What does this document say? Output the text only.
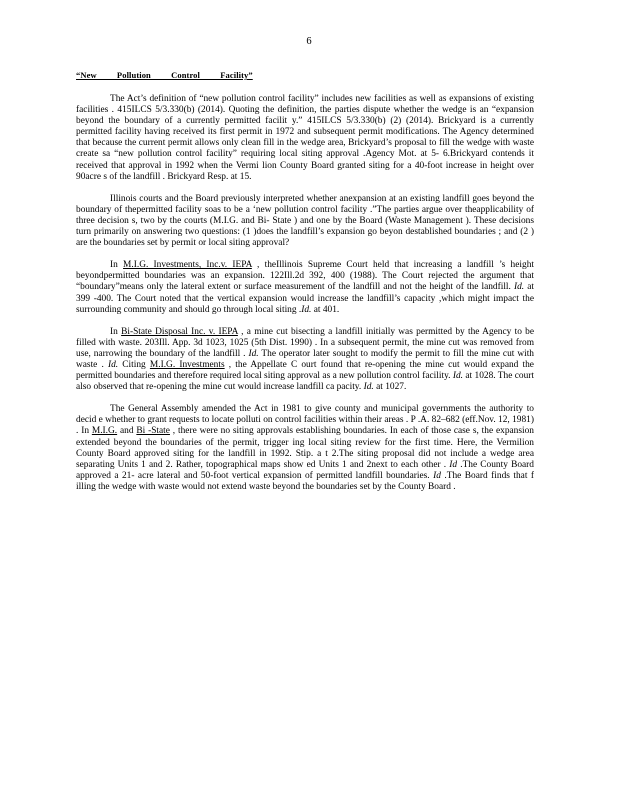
6
“New Pollution Control Facility”

The Act’s definition of “new pollution control facility” includes new facilities as well as expansions of existing facilities . 415ILCS 5/3.330(b) (2014). Quoting the definition, the parties dispute whether the wedge is an “expansion beyond the boundary of a currently permitted facilit y.” 415ILCS 5/3.330(b) (2) (2014). Brickyard is a currently permitted facility having received its first permit in 1972 and subsequent permit modifications. The Agency determined that because the current permit allows only clean fill in the wedge area, Brickyard’s proposal to fill the wedge with waste create sa “new pollution control facility” requiring local siting approval .Agency Mot. at 5- 6.Brickyard contends it received that approval in 1992 when the Vermi lion County Board granted siting for a 40-foot increase in height over 90acre s of the landfill . Brickyard Resp. at 15.

Illinois courts and the Board previously interpreted whether anexpansion at an existing landfill goes beyond the boundary of thepermitted facility soas to be a ‘new pollution control facility .”The parties argue over theapplicability of three decision s, two by the courts (M.I.G. and Bi- State ) and one by the Board (Waste Management ). These decisions turn primarily on answering two questions: (1 )does the landfill’s expansion go beyon destablished boundaries ; and (2 ) are the boundaries set by permit or local siting approval?

In M.I.G. Investments, Inc.v. IEPA , theIllinois Supreme Court held that increasing a landfill ’s height beyondpermitted boundaries was an expansion. 122Ill.2d 392, 400 (1988). The Court rejected the argument that “boundary”means only the lateral extent or surface measurement of the landfill and not the height of the landfill. Id. at 399 -400. The Court noted that the vertical expansion would increase the landfill’s capacity ,which might impact the surrounding community and should go through local siting .Id. at 401.

In Bi-State Disposal Inc. v. IEPA , a mine cut bisecting a landfill initially was permitted by the Agency to be filled with waste. 203Ill. App. 3d 1023, 1025 (5th Dist. 1990) . In a subsequent permit, the mine cut was removed from use, narrowing the boundary of the landfill . Id. The operator later sought to modify the permit to fill the mine cut with waste . Id. Citing M.I.G. Investments , the Appellate C ourt found that re-opening the mine cut would expand the permitted boundaries and therefore required local siting approval as a new pollution control facility. Id. at 1028. The court also observed that re-opening the mine cut would increase landfill ca pacity. Id. at 1027.

The General Assembly amended the Act in 1981 to give county and municipal governments the authority to decid e whether to grant requests to locate polluti on control facilities within their areas . P .A. 82–682 (eff.Nov. 12, 1981) . In M.I.G. and Bi -State , there were no siting approvals establishing boundaries. In each of those case s, the expansion extended beyond the boundaries of the permit, trigger ing local siting review for the first time. Here, the Vermilion County Board approved siting for the landfill in 1992. Stip. a t 2.The siting proposal did not include a wedge area separating Units 1 and 2. Rather, topographical maps show ed Units 1 and 2next to each other . Id .The County Board approved a 21- acre lateral and 50-foot vertical expansion of permitted landfill boundaries. Id .The Board finds that f illing the wedge with waste would not extend waste beyond the boundaries set by the County Board .
